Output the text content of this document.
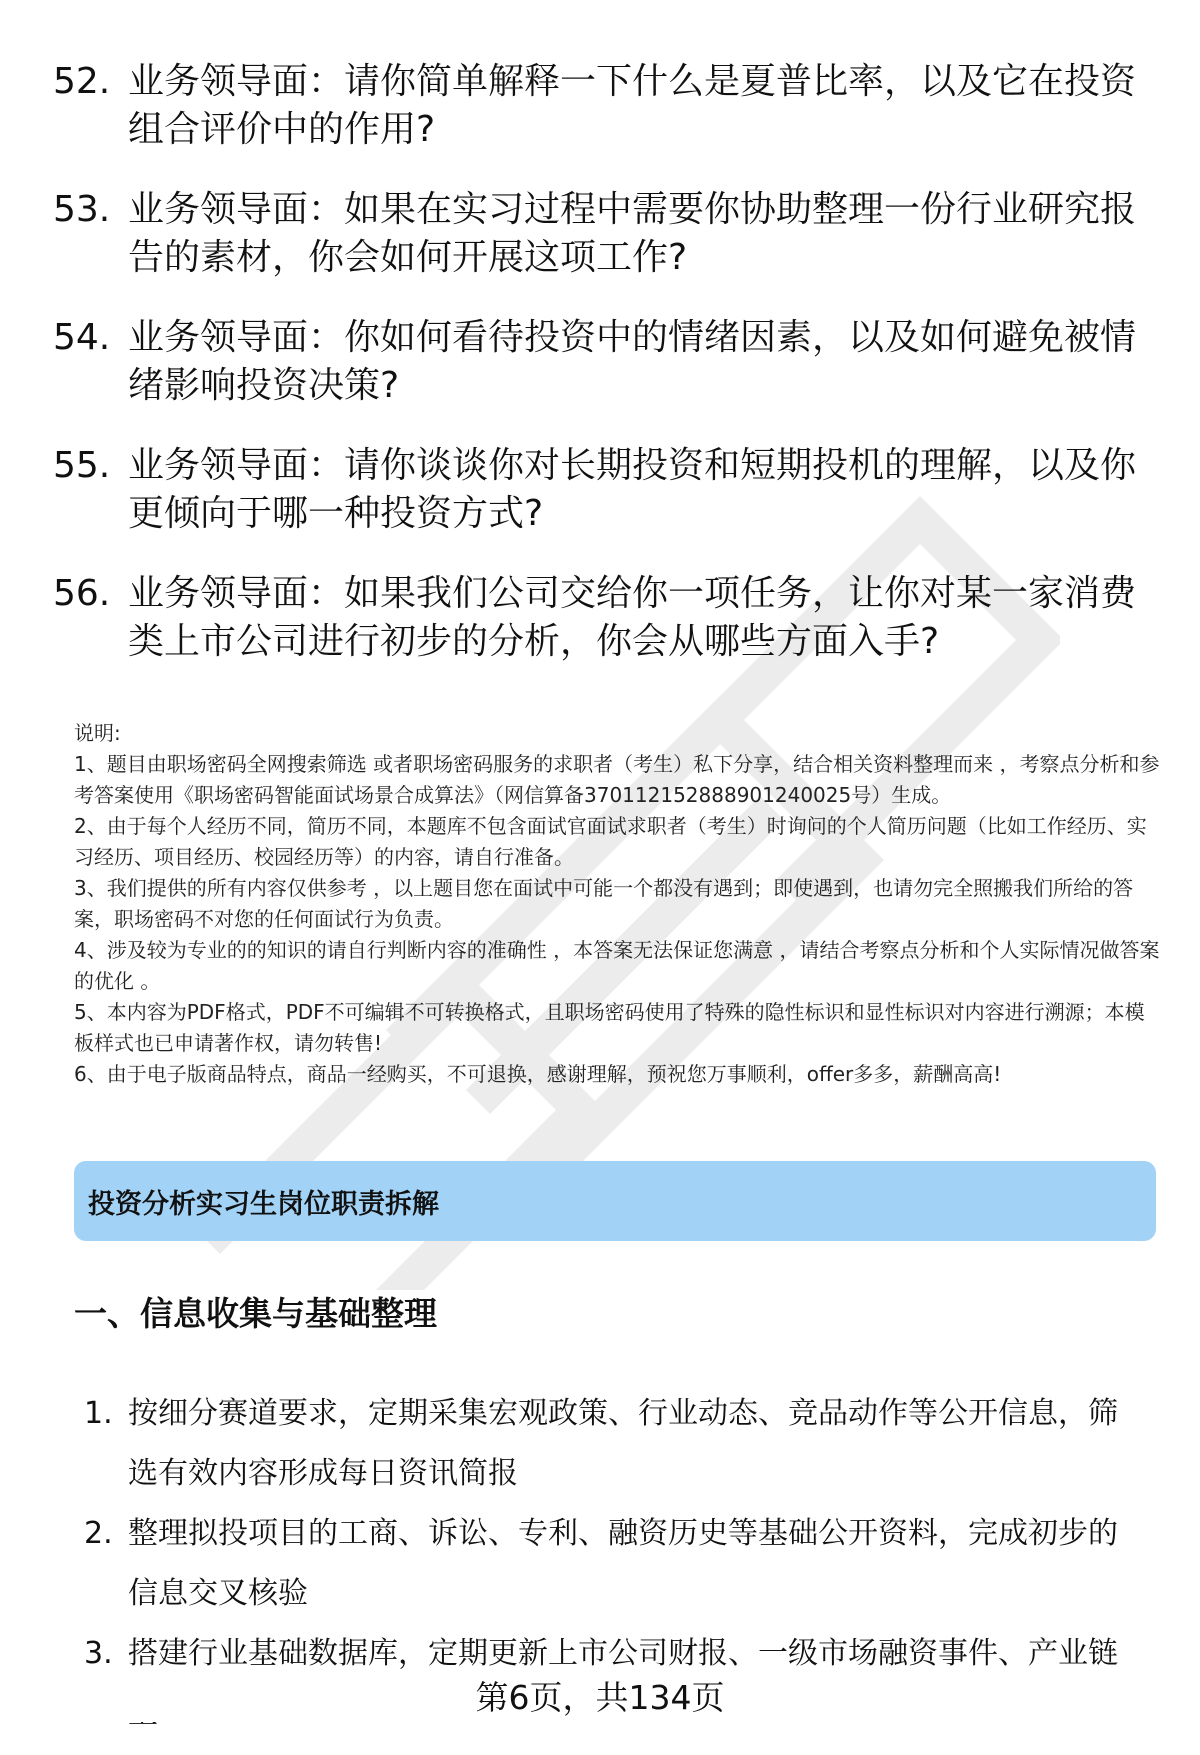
52. 业务领导面：请你简单解释一下什么是夏普比率，以及它在投资组合评价中的作用?
53. 业务领导面：如果在实习过程中需要你协助整理一份行业研究报告的素材，你会如何开展这项工作?
54. 业务领导面：你如何看待投资中的情绪因素，以及如何避免被情绪影响投资决策?
55. 业务领导面：请你谈谈你对长期投资和短期投机的理解，以及你更倾向于哪一种投资方式?
56. 业务领导面：如果我们公司交给你一项任务，让你对某一家消费类上市公司进行初步的分析，你会从哪些方面入手?

说明:

1、题目由职场密码全网搜索筛选 或者职场密码服务的求职者（考生）私下分享，结合相关资料整理而来 ，考察点分析和参考答案使用《职场密码智能面试场景合成算法》（网信算备370112152888901240025号）生成。

2、由于每个人经历不同，简历不同，本题库不包含面试官面试求职者（考生）时询问的个人简历问题（比如工作经历、实习经历、项目经历、校园经历等）的内容，请自行准备。

3、我们提供的所有内容仅供参考 ，以上题目您在面试中可能一个都没有遇到；即使遇到，也请勿完全照搬我们所给的答案，职场密码不对您的任何面试行为负责。

4、涉及较为专业的的知识的请自行判断内容的准确性 ，本答案无法保证您满意 ，请结合考察点分析和个人实际情况做答案的优化 。

5、本内容为PDF格式，PDF不可编辑不可转换格式，且职场密码使用了特殊的隐性标识和显性标识对内容进行溯源；本模板样式也已申请著作权，请勿转售!

6、由于电子版商品特点，商品一经购买，不可退换，感谢理解，预祝您万事顺利，offer多多，薪酬高高!

投资分析实习生岗位职责拆解
一、信息收集与基础整理
1. 按细分赛道要求，定期采集宏观政策、行业动态、竞品动作等公开信息，筛选有效内容形成每日资讯简报
2. 整理拟投项目的工商、诉讼、专利、融资历史等基础公开资料，完成初步的信息交叉核验
3. 搭建行业基础数据库，定期更新上市公司财报、一级市场融资事件、产业链
第6页，共134页
